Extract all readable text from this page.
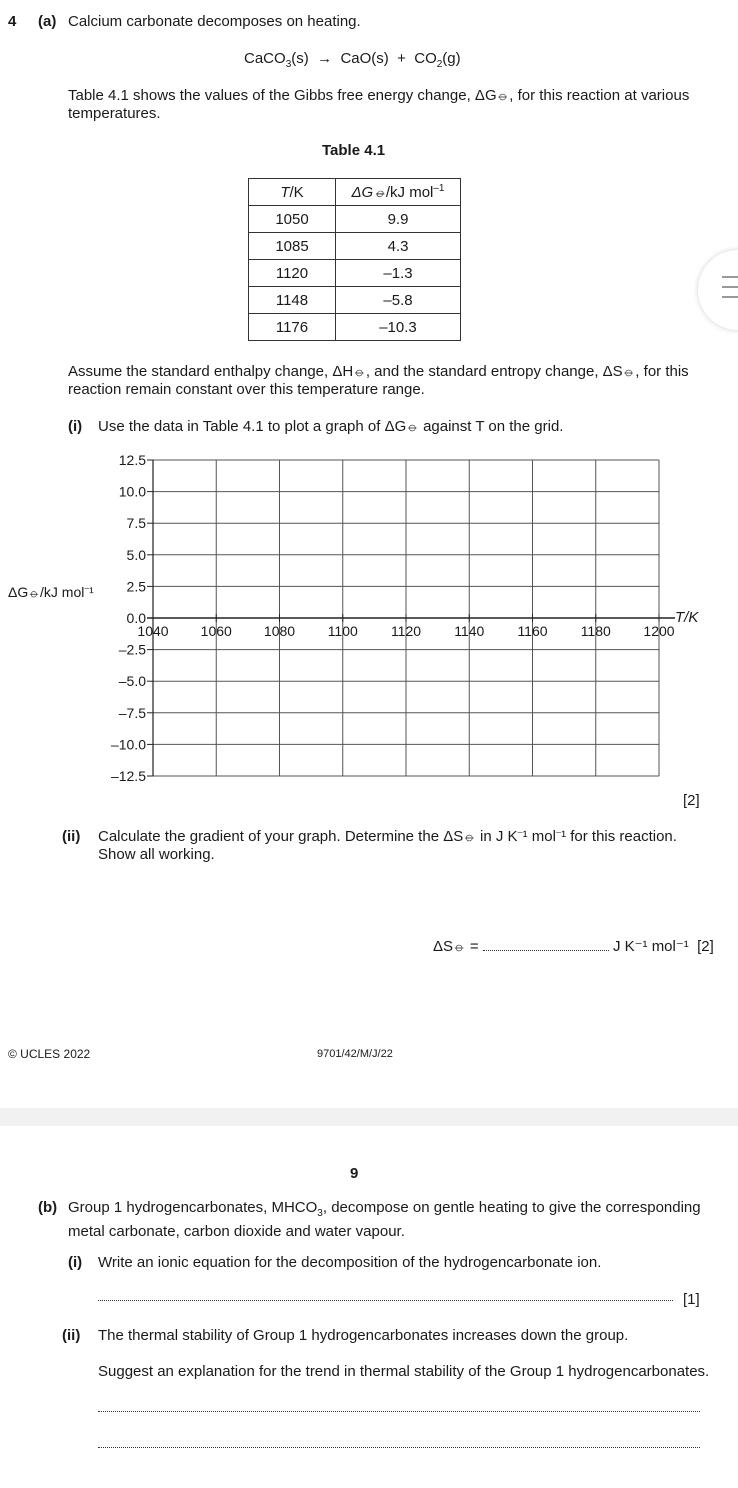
4 (a) Calcium carbonate decomposes on heating.
CaCO$_3$(s) → $CaO(s) + CO_2(g)$
Table 4.1 shows the values of the Gibbs free energy change, ΔG⦵, for this reaction at various
temperatures.
Table 4.1
T/K	ΔG⦵/kJ mol$^{-1}$
1050	9.9
1085	4.3
1120	–1.3
1148	–5.8
1176	–10.3
Assume the standard enthalpy change, ΔH⦵, and the standard entropy change, ΔS⦵, for this
reaction remain constant over this temperature range.
(i) Use the data in Table 4.1 to plot a graph of ΔG⦵ against T on the grid.
12.5
10.0
7.5
5.0
2.5
0.0
–2.5
–5.0
–7.5
–10.0
–12.5
1040 1060 1080 1100 1120 1140 1160 1180 1200
ΔG⦵/kJ mol⁻¹
T/K
[2]
(ii) Calculate the gradient of your graph. Determine the ΔS⦵ in J K⁻¹ mol⁻¹ for this reaction.
Show all working.
ΔS⦵ =	J K⁻¹ mol⁻¹ [2]
© UCLES 2022	9701/42/M/J/22
9
(b) Group 1 hydrogencarbonates, $MHCO_3$, decompose on gentle heating to give the corresponding
metal carbonate, carbon dioxide and water vapour.
(i) Write an ionic equation for the decomposition of the hydrogencarbonate ion.
[1]
(ii) The thermal stability of Group 1 hydrogencarbonates increases down the group.
Suggest an explanation for the trend in thermal stability of the Group 1 hydrogencarbonates.
